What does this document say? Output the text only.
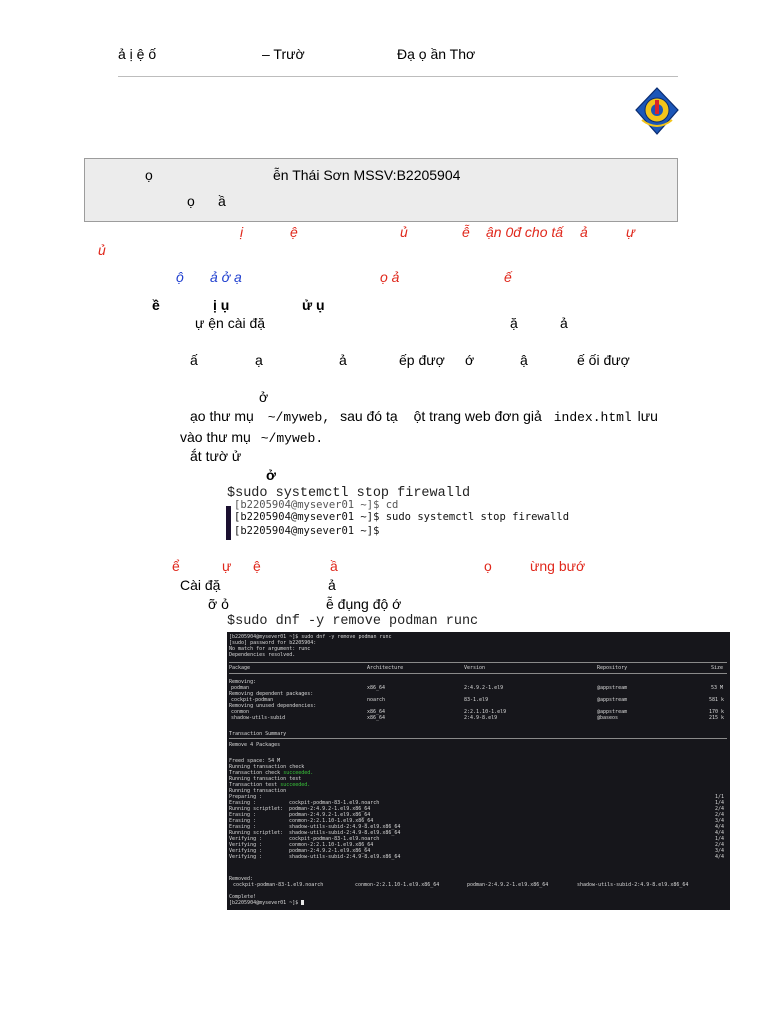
ả ị ệ ố	– Trườ	Đạ ọ ần Thơ
ọ	ễn Thái Sơn MSSV:B2205904
ọ ầ
ị	ệ	ủ	ễ ận 0đ cho tấ ả	ự
ủ
ộ ả ở ạ	ọ ả	ế
ề	ị ụ	ử ụ
ự ện cài đặ	ặ	ả
ấ	ạ	ả	ếp đượ ớ	ậ	ế ối đượ
ở
ạo thư mụ ~/myweb, sau đó tạ ột trang web đơn giả index.html lưu
vào thư mụ ~/myweb.
ắt tườ ử
ở
$sudo systemctl stop firewalld
[b2205904@mysever01 ~]$ cd
[b2205904@mysever01 ~]$ sudo systemctl stop firewalld
[b2205904@mysever01 ~]$
ể	ự ệ	ầ	ọ	ừng bướ
Cài đặ	ả
ỡ ỏ	ễ đụng độ ớ
$sudo dnf -y remove podman runc
[b2205904@mysever01 ~]$ sudo dnf -y remove podman runc
[sudo] password for b2205904:
No match for argument: runc
Dependencies resolved.
Package	Architecture	Version	Repository	Size
Removing:
podman	x86_64	2:4.9.2-1.el9	@appstream	53 M
Removing dependent packages:
cockpit-podman	noarch	83-1.el9	@appstream	581 k
Removing unused dependencies:
conmon	x86_64	2:2.1.10-1.el9	@appstream	170 k
shadow-utils-subid	x86_64	2:4.9-8.el9	@baseos	215 k
Transaction Summary
Remove 4 Packages
Freed space: 54 M
Running transaction check
Transaction check succeeded.
Running transaction test
Transaction test succeeded.
Running transaction
Preparing :	1/1
Erasing :	cockpit-podman-83-1.el9.noarch	1/4
Running scriptlet: podman-2:4.9.2-1.el9.x86_64	2/4
Erasing :	podman-2:4.9.2-1.el9.x86_64	2/4
Erasing :	conmon-2:2.1.10-1.el9.x86_64	3/4
Erasing :	shadow-utils-subid-2:4.9-8.el9.x86_64	4/4
Running scriptlet: shadow-utils-subid-2:4.9-8.el9.x86_64	4/4
Verifying :	cockpit-podman-83-1.el9.noarch	1/4
Verifying :	conmon-2:2.1.10-1.el9.x86_64	2/4
Verifying :	podman-2:4.9.2-1.el9.x86_64	3/4
Verifying :	shadow-utils-subid-2:4.9-8.el9.x86_64	4/4
Removed:
cockpit-podman-83-1.el9.noarch	conmon-2:2.1.10-1.el9.x86_64	podman-2:4.9.2-1.el9.x86_64	shadow-utils-subid-2:4.9-8.el9.x86_64
Complete!
[b2205904@mysever01 ~]$
